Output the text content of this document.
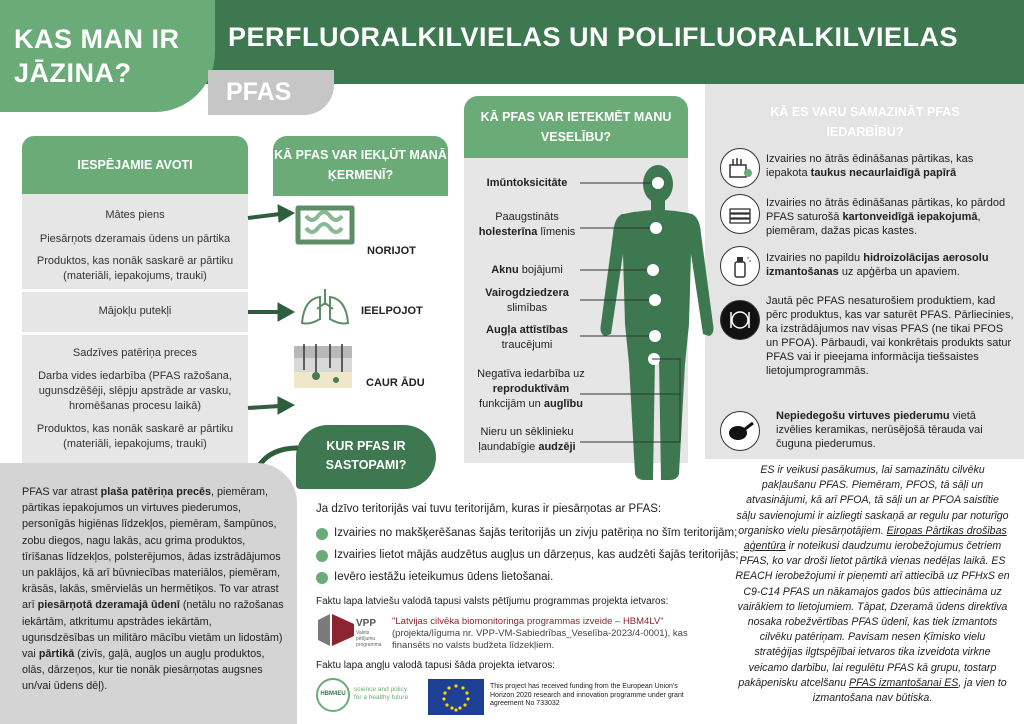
KAS MAN IR JĀZINA?
PERFLUORALKILVIELAS UN POLIFLUORALKILVIELAS
PFAS
IESPĒJAMIE AVOTI
Mātes piens
Piesārņots dzeramais ūdens un pārtika
Produktos, kas nonāk saskarē ar pārtiku (materiāli, iepakojums, trauki)
Mājokļu putekļi
Sadzīves patēriņa preces
Darba vides iedarbība (PFAS ražošana, ugunsdzēšēji, slēpju apstrāde ar vasku, hromēšanas procesu laikā)
Produktos, kas nonāk saskarē ar pārtiku (materiāli, iepakojums, trauki)
KĀ PFAS VAR IEKĻŪT MANĀ ĶERMENĪ?
NORIJOT
IEELPOJOT
CAUR ĀDU
KUR PFAS IR SASTOPAMI?
KĀ PFAS VAR IETEKMĒT MANU VESELĪBU?
Imūntoksicitāte
Paaugstināts
holesterīna līmenis
Aknu bojājumi
Vairogdziedzera
slimības
Augļa attīstības
traucējumi
Negatīva iedarbība uz
reproduktīvām
funkcijām un auglību
Nieru un sēklinieku
ļaundabīgie audzēji
KĀ ES VARU SAMAZINĀT PFAS IEDARBĪBU?
Izvairies no ātrās ēdināšanas pārtikas, kas iepakota taukus necaurlaidīgā papīrā
Izvairies no ātrās ēdināšanas pārtikas, ko pārdod PFAS saturošā kartonveidīgā iepakojumā, piemēram, dažas picas kastes.
Izvairies no papildu hidroizolācijas aerosolu izmantošanas uz apģērba un apaviem.
Jautā pēc PFAS nesaturošiem produktiem, kad pērc produktus, kas var saturēt PFAS. Pārliecinies, ka izstrādājumos nav visas PFAS (ne tikai PFOS un PFOA). Pārbaudi, vai konkrētais produkts satur PFAS vai ir pieejama informācija tiešsaistes lietojumprogrammās.
Nepiedegošu virtuves piederumu vietā izvēlies keramikas, nerūsējošā tērauda vai čuguna piederumus.
PFAS var atrast plaša patēriņa precēs, piemēram, pārtikas iepakojumos un virtuves piederumos, personīgās higiēnas līdzekļos, piemēram, šampūnos, zobu diegos, nagu lakās, acu grima produktos, tīrīšanas līdzekļos, polsterējumos, ādas izstrādājumos un paklājos, kā arī būvniecības materiālos, piemēram, krāsās, lakās, smērvielās un hermētiķos. To var atrast arī piesārņotā dzeramajā ūdenī (netālu no ražošanas iekārtām, atkritumu apstrādes iekārtām, ugunsdzēsības un militāro mācību vietām un lidostām) vai pārtikā (zivīs, gaļā, augļos un augļu produktos, olās, dārzeņos, kur tie nonāk piesārņotas augsnes un/vai ūdens dēļ).
Ja dzīvo teritorijās vai tuvu teritorijām, kuras ir piesārņotas ar PFAS:
Izvairies no makšķerēšanas šajās teritorijās un zivju patēriņa no šīm teritorijām;
Izvairies lietot mājās audzētus augļus un dārzeņus, kas audzēti šajās teritorijās;
Ievēro iestāžu ieteikumus ūdens lietošanai.
Faktu lapa latviešu valodā tapusi valsts pētījumu programmas projekta ietvaros:
VPP
Valsts pētījumu programma
"Latvijas cilvēka biomonitoringa programmas izveide – HBM4LV"
(projekta/līguma nr. VPP-VM-Sabiedrības_Veselība-2023/4-0001), kas finansēts no valsts budžeta līdzekļiem.
Faktu lapa angļu valodā tapusi šāda projekta ietvaros:
HBM4EU
science and policy for a healthy future
This project has received funding from the European Union's Horizon 2020 research and innovation programme under grant agreement No 733032
ES ir veikusi pasākumus, lai samazinātu cilvēku pakļaušanu PFAS. Piemēram, PFOS, tā sāļi un atvasinājumi, kā arī PFOA, tā sāļi un ar PFOA saistītie sāļu savienojumi ir aizliegti saskaņā ar regulu par noturīgo organisko vielu piesārņotājiem. Eiropas Pārtikas drošības aģentūra ir noteikusi daudzumu ierobežojumus četriem PFAS, ko var droši lietot pārtikā vienas nedēļas laikā. ES REACH ierobežojumi ir pieņemti arī attiecībā uz PFHxS en C9-C14 PFAS un nākamajos gados būs attiecināma uz vairākiem to lietojumiem. Tāpat, Dzeramā ūdens direktīva nosaka robežvērtības PFAS ūdenī, kas tiek izmantots cilvēku patēriņam. Pavisam nesen Ķīmisko vielu stratēģijas ilgtspējībai ietvaros tika izveidota virkne veicamo darbību, lai regulētu PFAS kā grupu, tostarp pakāpenisku atcelšanu PFAS izmantošanai ES, ja vien to izmantošana nav būtiska.
